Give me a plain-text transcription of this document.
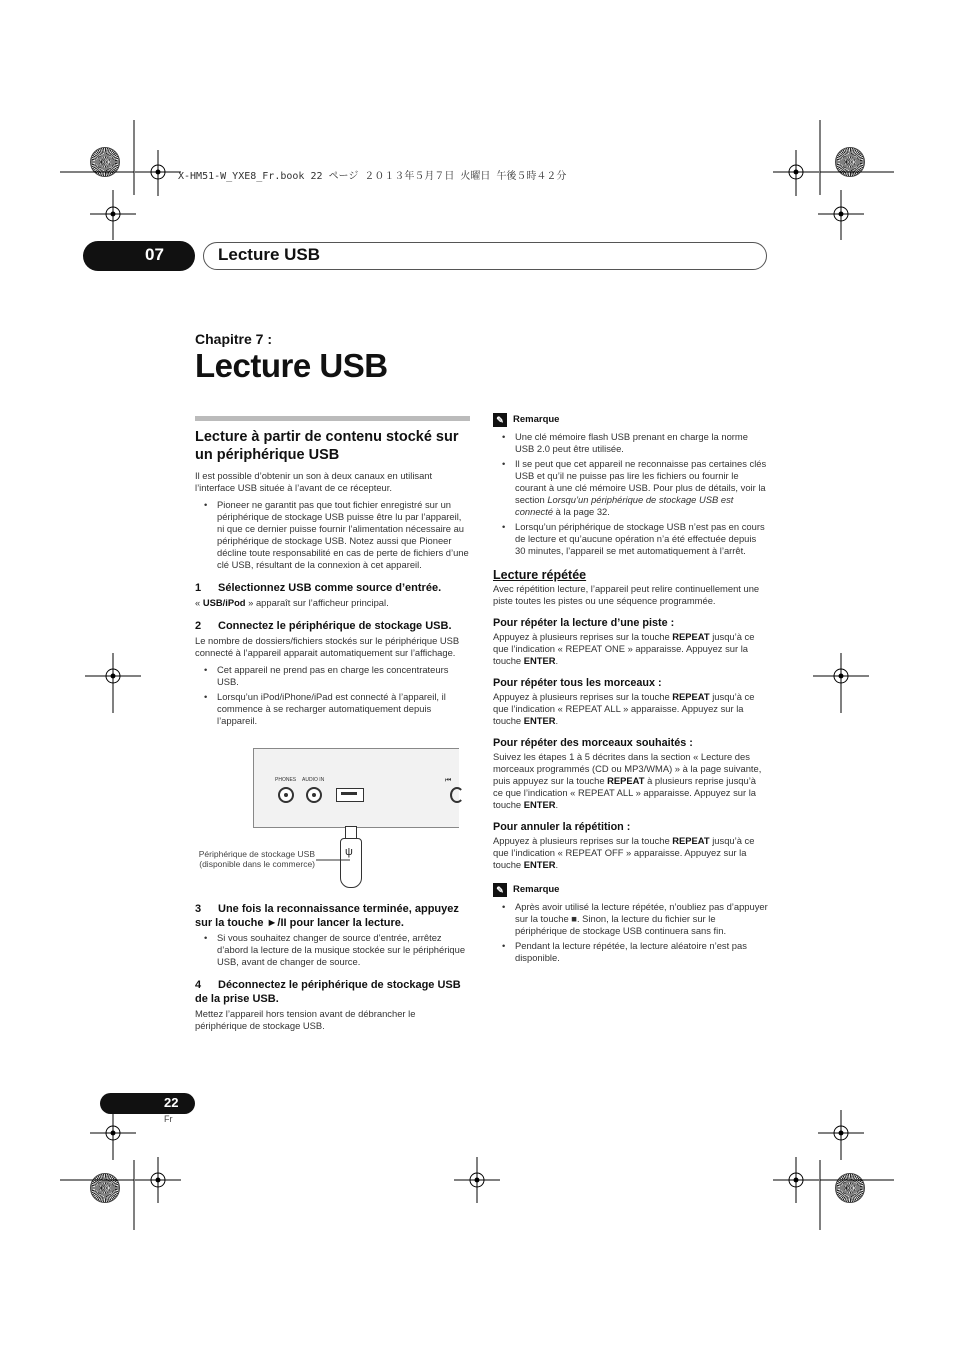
X-HM51-W_YXE8_Fr.book 22 ページ ２０１３年５月７日 火曜日 午後５時４２分
07	Lecture USB
Chapitre 7 :
Lecture USB
Lecture à partir de contenu stocké sur un périphérique USB
Il est possible d’obtenir un son à deux canaux en utilisant l’interface USB située à l’avant de ce récepteur.
• Pioneer ne garantit pas que tout fichier enregistré sur un périphérique de stockage USB puisse être lu par l’appareil, ni que ce dernier puisse fournir l’alimentation nécessaire au périphérique de stockage USB. Notez aussi que Pioneer décline toute responsabilité en cas de perte de fichiers d’une clé USB, résultant de la connexion à cet appareil.
1 Sélectionnez USB comme source d’entrée.
« USB/iPod » apparaît sur l’afficheur principal.
2 Connectez le périphérique de stockage USB.
Le nombre de dossiers/fichiers stockés sur le périphérique USB connecté à l’appareil apparait automatiquement sur l’affichage.
• Cet appareil ne prend pas en charge les concentrateurs USB.
• Lorsqu’un iPod/iPhone/iPad est connecté à l’appareil, il commence à se recharger automatiquement depuis l’appareil.
PHONES AUDIO IN	⏮
ψ
Périphérique de stockage USB (disponible dans le commerce)
3 Une fois la reconnaissance terminée, appuyez sur la touche ►/II pour lancer la lecture.
• Si vous souhaitez changer de source d’entrée, arrêtez d’abord la lecture de la musique stockée sur le périphérique USB, avant de changer de source.
4 Déconnectez le périphérique de stockage USB de la prise USB.
Mettez l’appareil hors tension avant de débrancher le périphérique de stockage USB.
✎ Remarque
• Une clé mémoire flash USB prenant en charge la norme USB 2.0 peut être utilisée.
• Il se peut que cet appareil ne reconnaisse pas certaines clés USB et qu’il ne puisse pas lire les fichiers ou fournir le courant à une clé mémoire USB. Pour plus de détails, voir la section Lorsqu’un périphérique de stockage USB est connecté à la page 32.
• Lorsqu’un périphérique de stockage USB n’est pas en cours de lecture et qu’aucune opération n’a été effectuée depuis 30 minutes, l’appareil se met automatiquement à l’arrêt.
Lecture répétée
Avec répétition lecture, l’appareil peut relire continuellement une piste toutes les pistes ou une séquence programmée.
Pour répéter la lecture d’une piste :
Appuyez à plusieurs reprises sur la touche REPEAT jusqu’à ce que l’indication « REPEAT ONE » apparaisse. Appuyez sur la touche ENTER.
Pour répéter tous les morceaux :
Appuyez à plusieurs reprises sur la touche REPEAT jusqu’à ce que l’indication « REPEAT ALL » apparaisse. Appuyez sur la touche ENTER.
Pour répéter des morceaux souhaités :
Suivez les étapes 1 à 5 décrites dans la section « Lecture des morceaux programmés (CD ou MP3/WMA) » à la page suivante, puis appuyez sur la touche REPEAT à plusieurs reprise jusqu’à ce que l’indication « REPEAT ALL » apparaisse. Appuyez sur la touche ENTER.
Pour annuler la répétition :
Appuyez à plusieurs reprises sur la touche REPEAT jusqu’à ce que l’indication « REPEAT OFF » apparaisse. Appuyez sur la touche ENTER.
✎ Remarque
• Après avoir utilisé la lecture répétée, n’oubliez pas d’appuyer sur la touche ■. Sinon, la lecture du fichier sur le périphérique de stockage USB continuera sans fin.
• Pendant la lecture répétée, la lecture aléatoire n’est pas disponible.
22
Fr
